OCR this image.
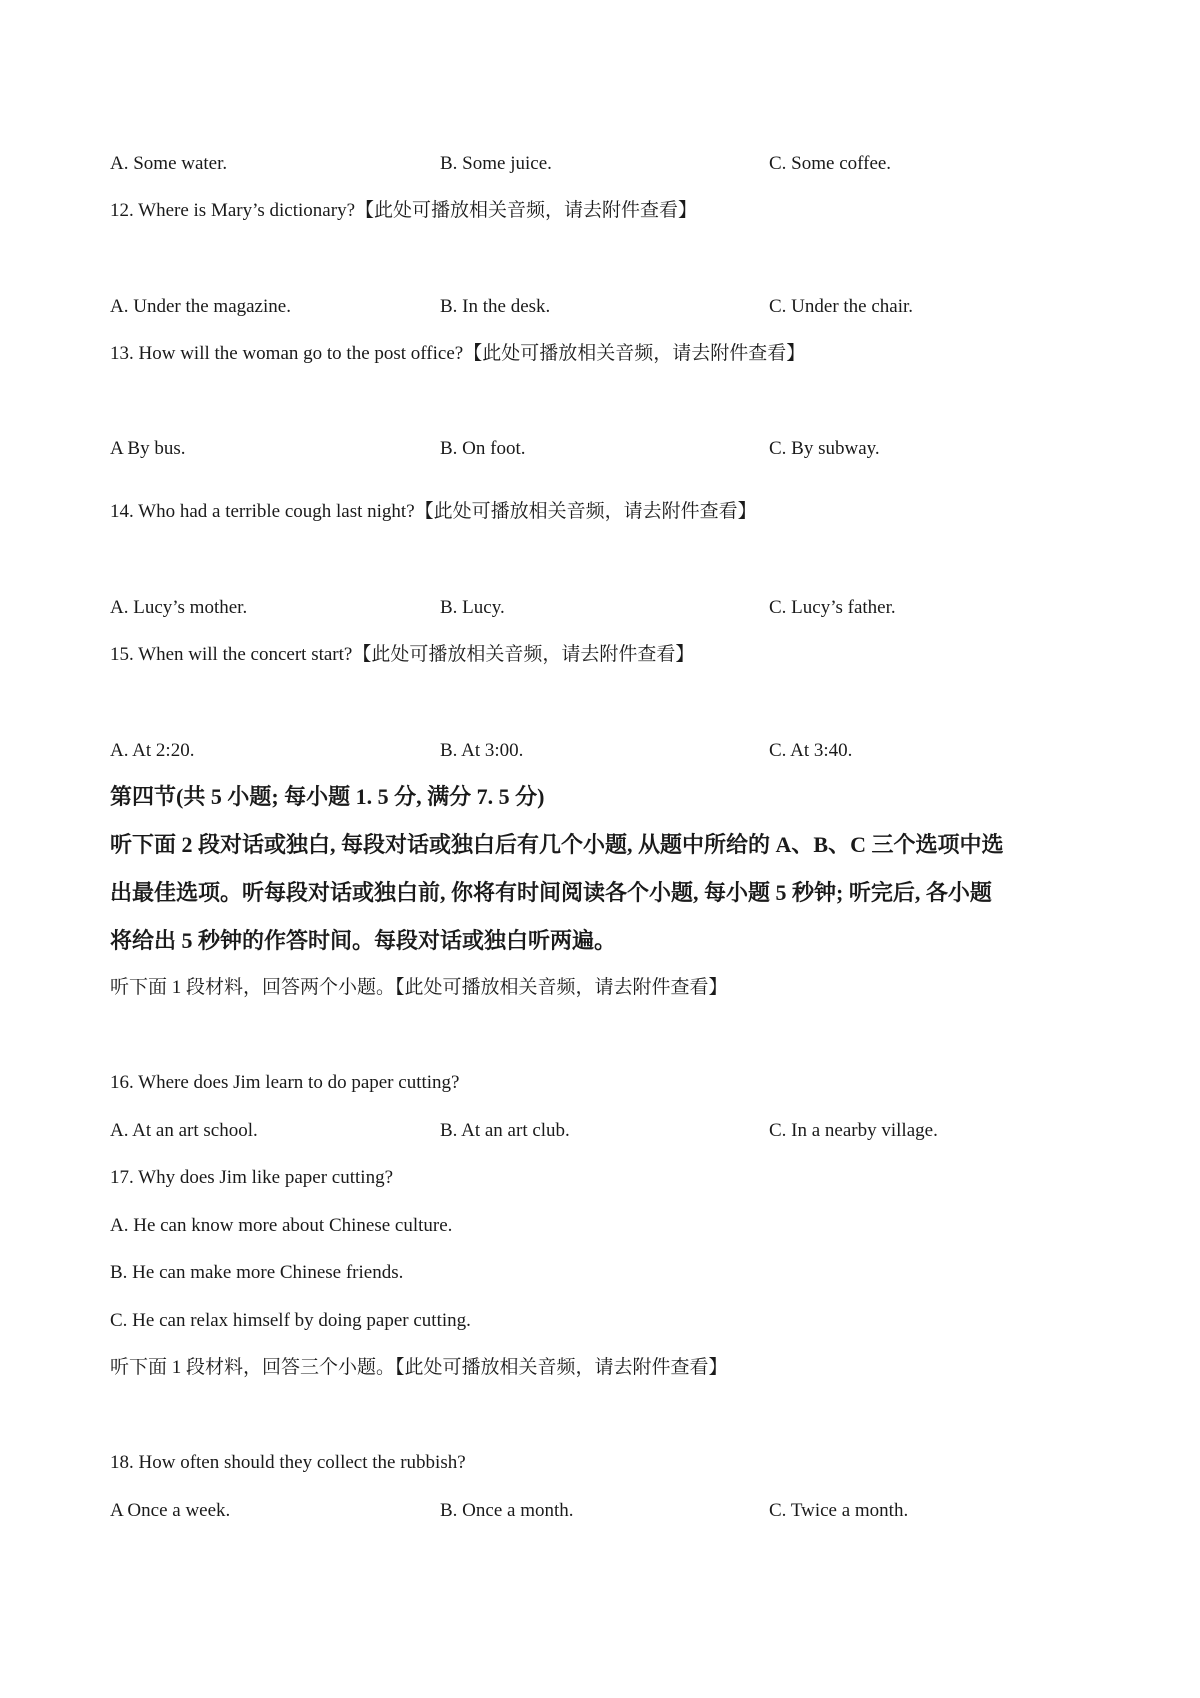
A. Some water.	B. Some juice.	C. Some coffee.
12. Where is Mary’s dictionary?【此处可播放相关音频，请去附件查看】
A. Under the magazine.	B. In the desk.	C. Under the chair.
13. How will the woman go to the post office?【此处可播放相关音频，请去附件查看】
A By bus.	B. On foot.	C. By subway.
14. Who had a terrible cough last night?【此处可播放相关音频，请去附件查看】
A. Lucy’s mother.	B. Lucy.	C. Lucy’s father.
15. When will the concert start?【此处可播放相关音频，请去附件查看】
A. At 2:20.	B. At 3:00.	C. At 3:40.
第四节(共 5 小题; 每小题 1. 5 分, 满分 7. 5 分)
听下面 2 段对话或独白, 每段对话或独白后有几个小题, 从题中所给的 A、B、C 三个选项中选
出最佳选项。听每段对话或独白前, 你将有时间阅读各个小题, 每小题 5 秒钟; 听完后, 各小题
将给出 5 秒钟的作答时间。每段对话或独白听两遍。
听下面 1 段材料，回答两个小题。【此处可播放相关音频，请去附件查看】
16. Where does Jim learn to do paper cutting?
A. At an art school.	B. At an art club.	C. In a nearby village.
17. Why does Jim like paper cutting?
A. He can know more about Chinese culture.
B. He can make more Chinese friends.
C. He can relax himself by doing paper cutting.
听下面 1 段材料，回答三个小题。【此处可播放相关音频，请去附件查看】
18. How often should they collect the rubbish?
A Once a week.	B. Once a month.	C. Twice a month.
